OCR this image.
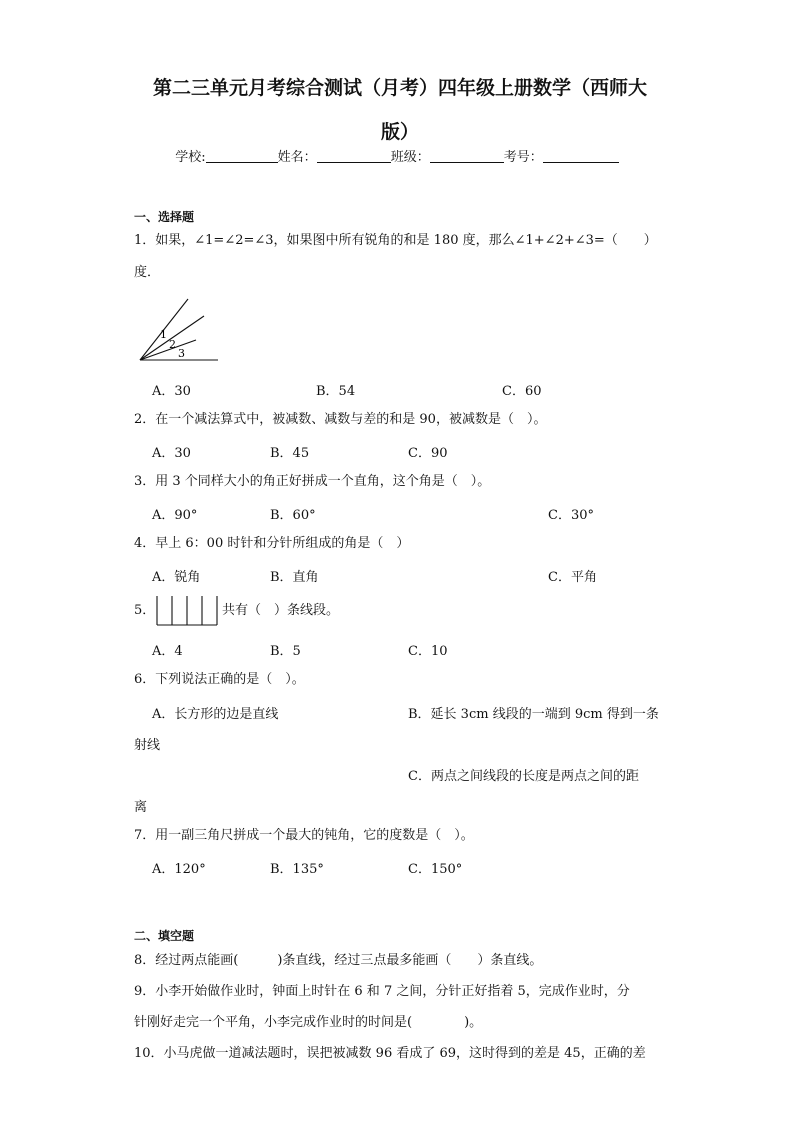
第二三单元月考综合测试（月考）四年级上册数学（西师大
版）
学校:	姓名：	班级：	考号：
一、选择题
1．如果，∠1=∠2=∠3，如果图中所有锐角的和是 180 度，那么∠1+∠2+∠3=（　　）
度．
1
2
3
A．30	B．54	C．60
2．在一个减法算式中，被减数、减数与差的和是 90，被减数是（　）。
A．30	B．45	C．90
3．用 3 个同样大小的角正好拼成一个直角，这个角是（　）。
A．90°	B．60°	C．30°
4．早上 6：00 时针和分针所组成的角是（　）
A．锐角	B．直角	C．平角
5．	共有（　）条线段。
A．4	B．5	C．10
6．下列说法正确的是（　）。
A．长方形的边是直线	B．延长 3cm 线段的一端到 9cm 得到一条
射线
C．两点之间线段的长度是两点之间的距
离
7．用一副三角尺拼成一个最大的钝角，它的度数是（　）。
A．120°	B．135°	C．150°
二、填空题
8．经过两点能画(　　　)条直线，经过三点最多能画（　　）条直线。
9．小李开始做作业时，钟面上时针在 6 和 7 之间，分针正好指着 5，完成作业时，分
针刚好走完一个平角，小李完成作业时的时间是(　　　　)。
10．小马虎做一道减法题时，误把被减数 96 看成了 69，这时得到的差是 45，正确的差
